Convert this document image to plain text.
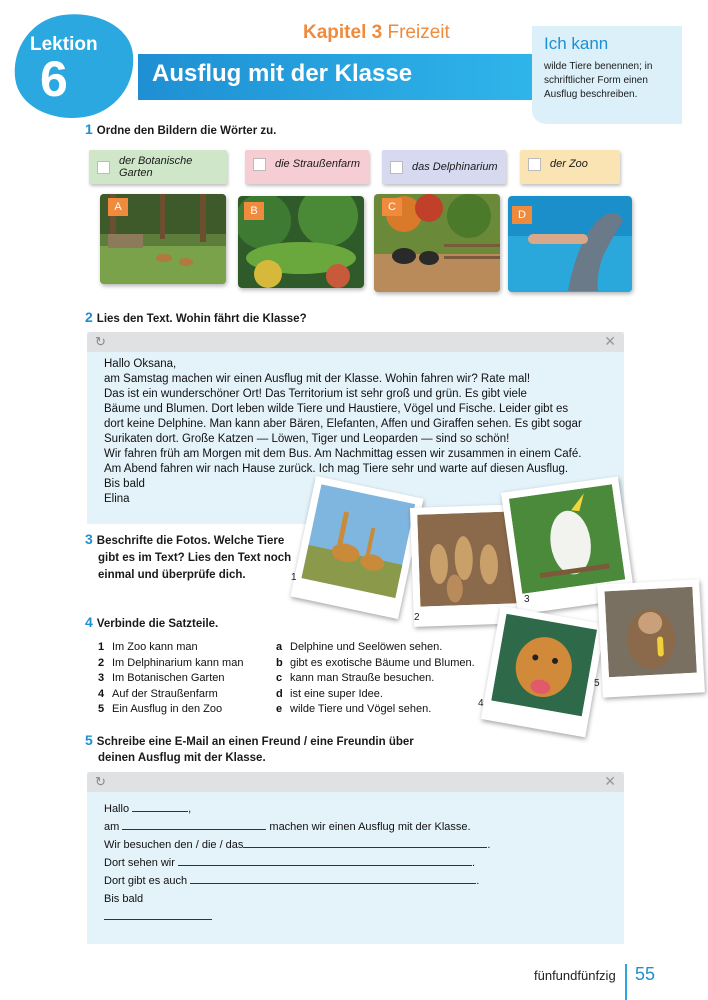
Lektion
6
Kapitel 3 Freizeit
Ausflug mit der Klasse
Ich kann
wilde Tiere benennen; in schriftlicher Form einen Ausflug beschreiben.
1 Ordne den Bildern die Wörter zu.
der Botanische Garten
die Straußenfarm	das Delphinarium	der Zoo
A	B	C
D
2 Lies den Text. Wohin fährt die Klasse?
↻	✕
Hallo Oksana,
am Samstag machen wir einen Ausflug mit der Klasse. Wohin fahren wir? Rate mal!
Das ist ein wunderschöner Ort! Das Territorium ist sehr groß und grün. Es gibt viele
Bäume und Blumen. Dort leben wilde Tiere und Haustiere, Vögel und Fische. Leider gibt es
dort keine Delphine. Man kann aber Bären, Elefanten, Affen und Giraffen sehen. Es gibt sogar
Surikaten dort. Große Katzen — Löwen, Tiger und Leoparden — sind so schön!
Wir fahren früh am Morgen mit dem Bus. Am Nachmittag essen wir zusammen in einem Café.
Am Abend fahren wir nach Hause zurück. Ich mag Tiere sehr und warte auf diesen Ausflug.
Bis bald
Elina
3 Beschrifte die Fotos. Welche Tiere
gibt es im Text? Lies den Text noch
einmal und überprüfe dich.	1
2
3
4
5
4 Verbinde die Satzteile.
1 Im Zoo kann man
2 Im Delphinarium kann man
3 Im Botanischen Garten
4 Auf der Straußenfarm
5 Ein Ausflug in den Zoo
a Delphine und Seelöwen sehen.
b gibt es exotische Bäume und Blumen.
c kann man Strauße besuchen.
d ist eine super Idee.
e wilde Tiere und Vögel sehen.
5 Schreibe eine E-Mail an einen Freund / eine Freundin über
deinen Ausflug mit der Klasse.
↻	✕
Hallo	,
am	machen wir einen Ausflug mit der Klasse.
Wir besuchen den / die / das	.
Dort sehen wir	.
Dort gibt es auch	.
Bis bald
fünfundfünfzig 55
